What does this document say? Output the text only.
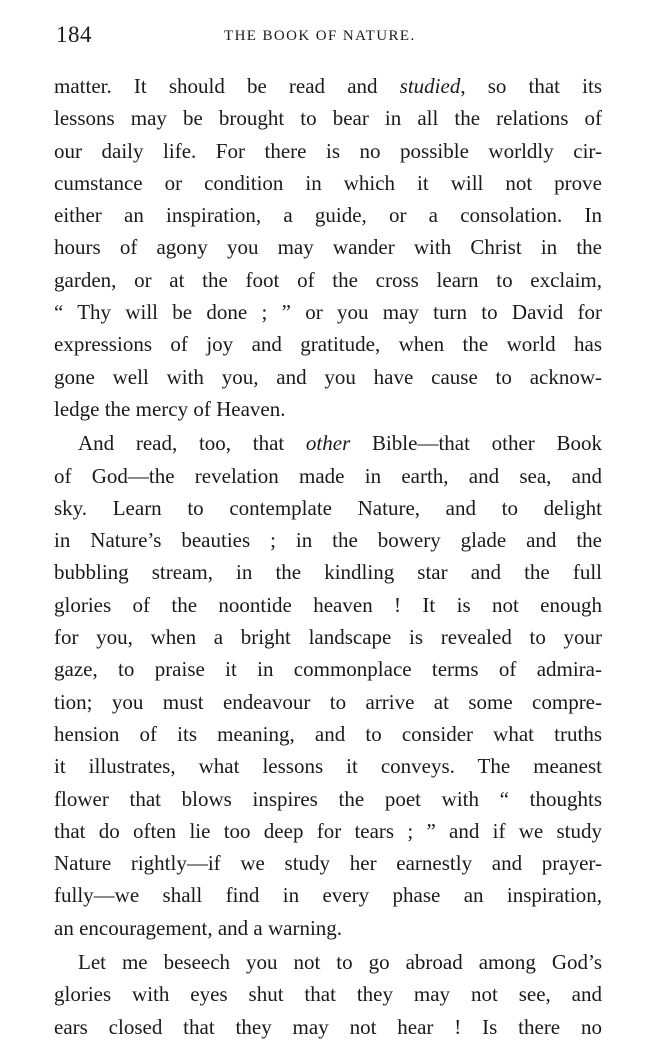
184	THE BOOK OF NATURE.
matter. It should be read and studied, so that its
lessons may be brought to bear in all the relations of
our daily life. For there is no possible worldly cir-
cumstance or condition in which it will not prove
either an inspiration, a guide, or a consolation. In
hours of agony you may wander with Christ in the
garden, or at the foot of the cross learn to exclaim,
“ Thy will be done ; ” or you may turn to David for
expressions of joy and gratitude, when the world has
gone well with you, and you have cause to acknow-
ledge the mercy of Heaven.
And read, too, that other Bible—that other Book
of God—the revelation made in earth, and sea, and
sky. Learn to contemplate Nature, and to delight
in Nature’s beauties ; in the bowery glade and the
bubbling stream, in the kindling star and the full
glories of the noontide heaven ! It is not enough
for you, when a bright landscape is revealed to your
gaze, to praise it in commonplace terms of admira-
tion; you must endeavour to arrive at some compre-
hension of its meaning, and to consider what truths
it illustrates, what lessons it conveys. The meanest
flower that blows inspires the poet with “ thoughts
that do often lie too deep for tears ; ” and if we study
Nature rightly—if we study her earnestly and prayer-
fully—we shall find in every phase an inspiration,
an encouragement, and a warning.
Let me beseech you not to go abroad among God’s
glories with eyes shut that they may not see, and
ears closed that they may not hear ! Is there no
